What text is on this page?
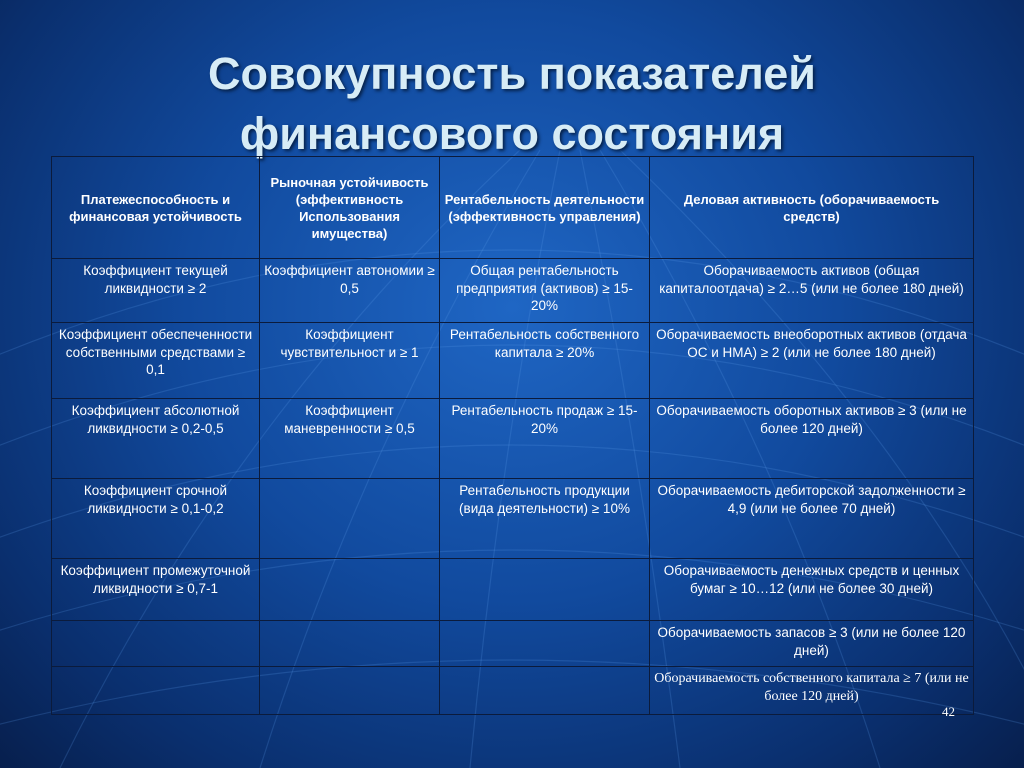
Совокупность показателей
финансового состояния
Платежеспособность и финансовая устойчивость	Рыночная устойчивость (эффективность Использования имущества)	Рентабельность деятельности (эффективность управления)	Деловая активность (оборачиваемость средств)
Коэффициент текущей ликвидности ≥ 2	Коэффициент автономии ≥ 0,5	Общая рентабельность предприятия (активов) ≥ 15-20%	Оборачиваемость активов (общая капиталоотдача) ≥ 2…5 (или не более 180 дней)
Коэффициент обеспеченности собственными средствами ≥ 0,1	Коэффициент чувствительност и ≥ 1	Рентабельность собственного капитала ≥ 20%	Оборачиваемость внеоборотных активов (отдача ОС и НМА) ≥ 2 (или не более 180 дней)
Коэффициент абсолютной ликвидности ≥ 0,2-0,5	Коэффициент маневренности ≥ 0,5	Рентабельность продаж ≥ 15-20%	Оборачиваемость оборотных активов ≥ 3 (или не более 120 дней)
Коэффициент срочной ликвидности ≥ 0,1-0,2		Рентабельность продукции (вида деятельности) ≥ 10%	Оборачиваемость дебиторской задолженности ≥ 4,9 (или не более 70 дней)
Коэффициент промежуточной ликвидности ≥ 0,7-1			Оборачиваемость денежных средств и ценных бумаг ≥ 10…12 (или не более 30 дней)
			Оборачиваемость запасов ≥ 3 (или не более 120 дней)
			Оборачиваемость собственного капитала ≥ 7 (или не более 120 дней)
42
